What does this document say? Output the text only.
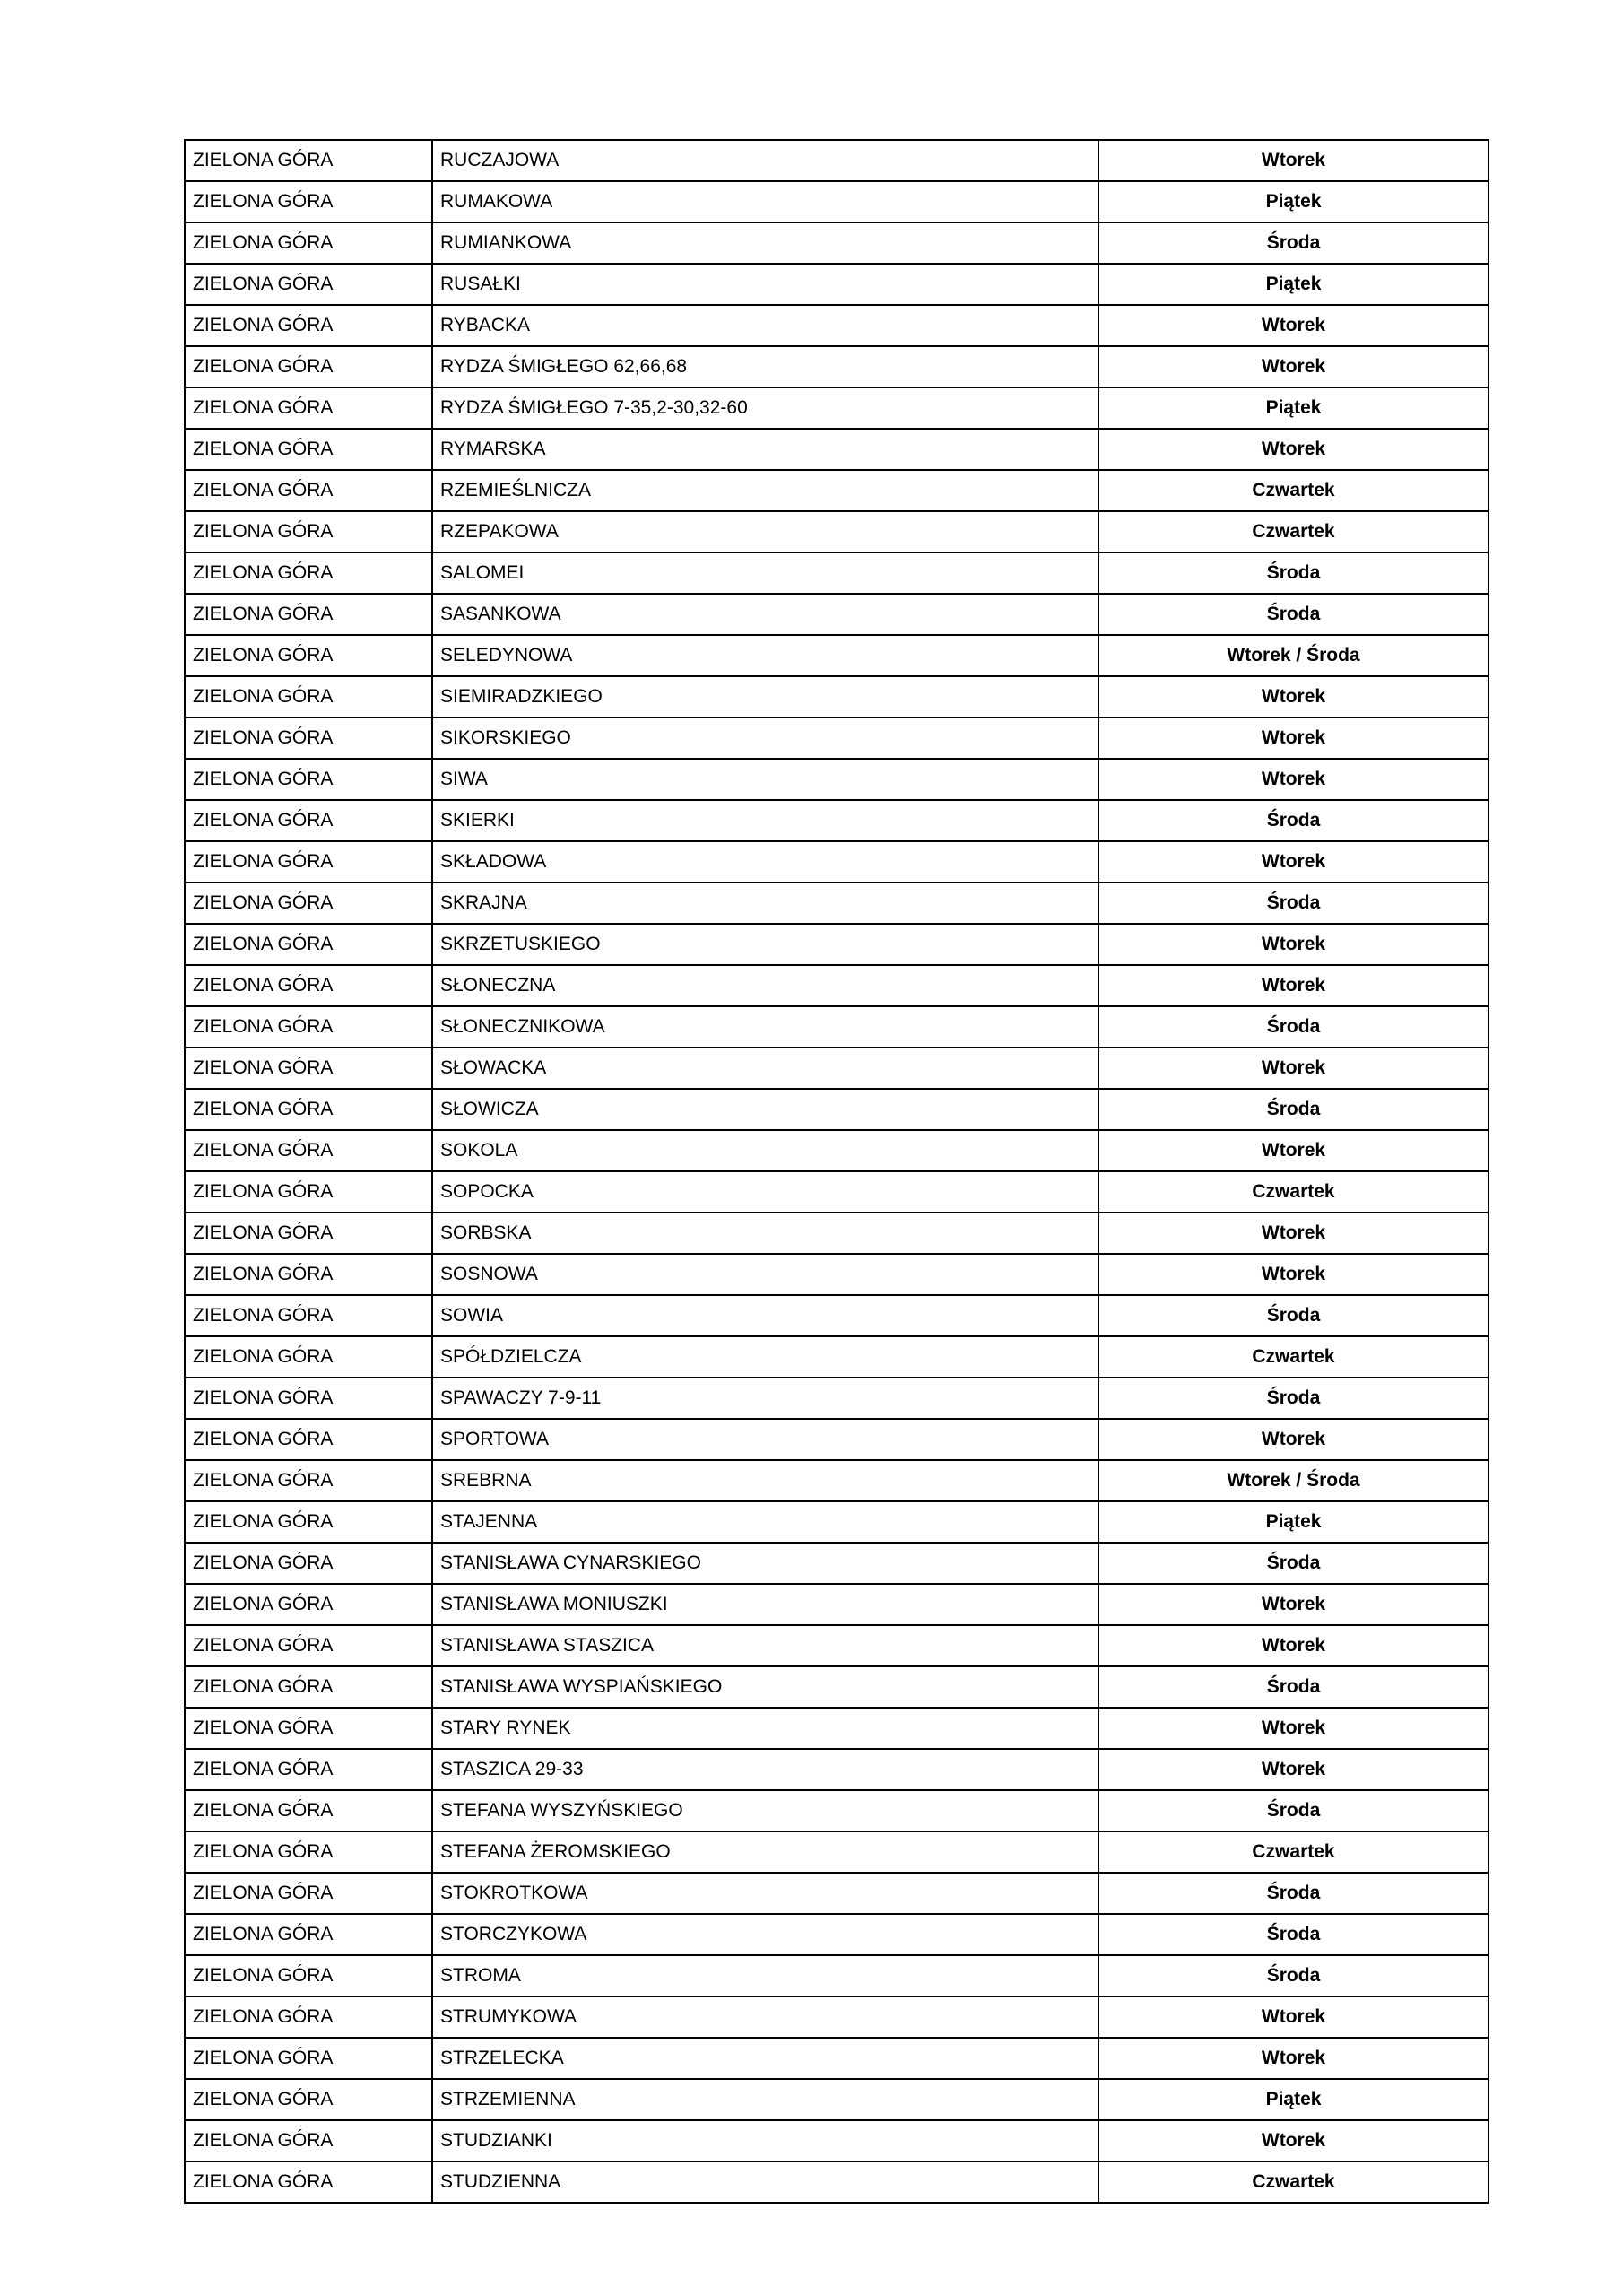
ZIELONA GÓRA	RUCZAJOWA	Wtorek
ZIELONA GÓRA	RUMAKOWA	Piątek
ZIELONA GÓRA	RUMIANKOWA	Środa
ZIELONA GÓRA	RUSAŁKI	Piątek
ZIELONA GÓRA	RYBACKA	Wtorek
ZIELONA GÓRA	RYDZA ŚMIGŁEGO 62,66,68	Wtorek
ZIELONA GÓRA	RYDZA ŚMIGŁEGO 7-35,2-30,32-60	Piątek
ZIELONA GÓRA	RYMARSKA	Wtorek
ZIELONA GÓRA	RZEMIEŚLNICZA	Czwartek
ZIELONA GÓRA	RZEPAKOWA	Czwartek
ZIELONA GÓRA	SALOMEI	Środa
ZIELONA GÓRA	SASANKOWA	Środa
ZIELONA GÓRA	SELEDYNOWA	Wtorek / Środa
ZIELONA GÓRA	SIEMIRADZKIEGO	Wtorek
ZIELONA GÓRA	SIKORSKIEGO	Wtorek
ZIELONA GÓRA	SIWA	Wtorek
ZIELONA GÓRA	SKIERKI	Środa
ZIELONA GÓRA	SKŁADOWA	Wtorek
ZIELONA GÓRA	SKRAJNA	Środa
ZIELONA GÓRA	SKRZETUSKIEGO	Wtorek
ZIELONA GÓRA	SŁONECZNA	Wtorek
ZIELONA GÓRA	SŁONECZNIKOWA	Środa
ZIELONA GÓRA	SŁOWACKA	Wtorek
ZIELONA GÓRA	SŁOWICZA	Środa
ZIELONA GÓRA	SOKOLA	Wtorek
ZIELONA GÓRA	SOPOCKA	Czwartek
ZIELONA GÓRA	SORBSKA	Wtorek
ZIELONA GÓRA	SOSNOWA	Wtorek
ZIELONA GÓRA	SOWIA	Środa
ZIELONA GÓRA	SPÓŁDZIELCZA	Czwartek
ZIELONA GÓRA	SPAWACZY 7-9-11	Środa
ZIELONA GÓRA	SPORTOWA	Wtorek
ZIELONA GÓRA	SREBRNA	Wtorek / Środa
ZIELONA GÓRA	STAJENNA	Piątek
ZIELONA GÓRA	STANISŁAWA CYNARSKIEGO	Środa
ZIELONA GÓRA	STANISŁAWA MONIUSZKI	Wtorek
ZIELONA GÓRA	STANISŁAWA STASZICA	Wtorek
ZIELONA GÓRA	STANISŁAWA WYSPIAŃSKIEGO	Środa
ZIELONA GÓRA	STARY RYNEK	Wtorek
ZIELONA GÓRA	STASZICA 29-33	Wtorek
ZIELONA GÓRA	STEFANA WYSZYŃSKIEGO	Środa
ZIELONA GÓRA	STEFANA ŻEROMSKIEGO	Czwartek
ZIELONA GÓRA	STOKROTKOWA	Środa
ZIELONA GÓRA	STORCZYKOWA	Środa
ZIELONA GÓRA	STROMA	Środa
ZIELONA GÓRA	STRUMYKOWA	Wtorek
ZIELONA GÓRA	STRZELECKA	Wtorek
ZIELONA GÓRA	STRZEMIENNA	Piątek
ZIELONA GÓRA	STUDZIANKI	Wtorek
ZIELONA GÓRA	STUDZIENNA	Czwartek
